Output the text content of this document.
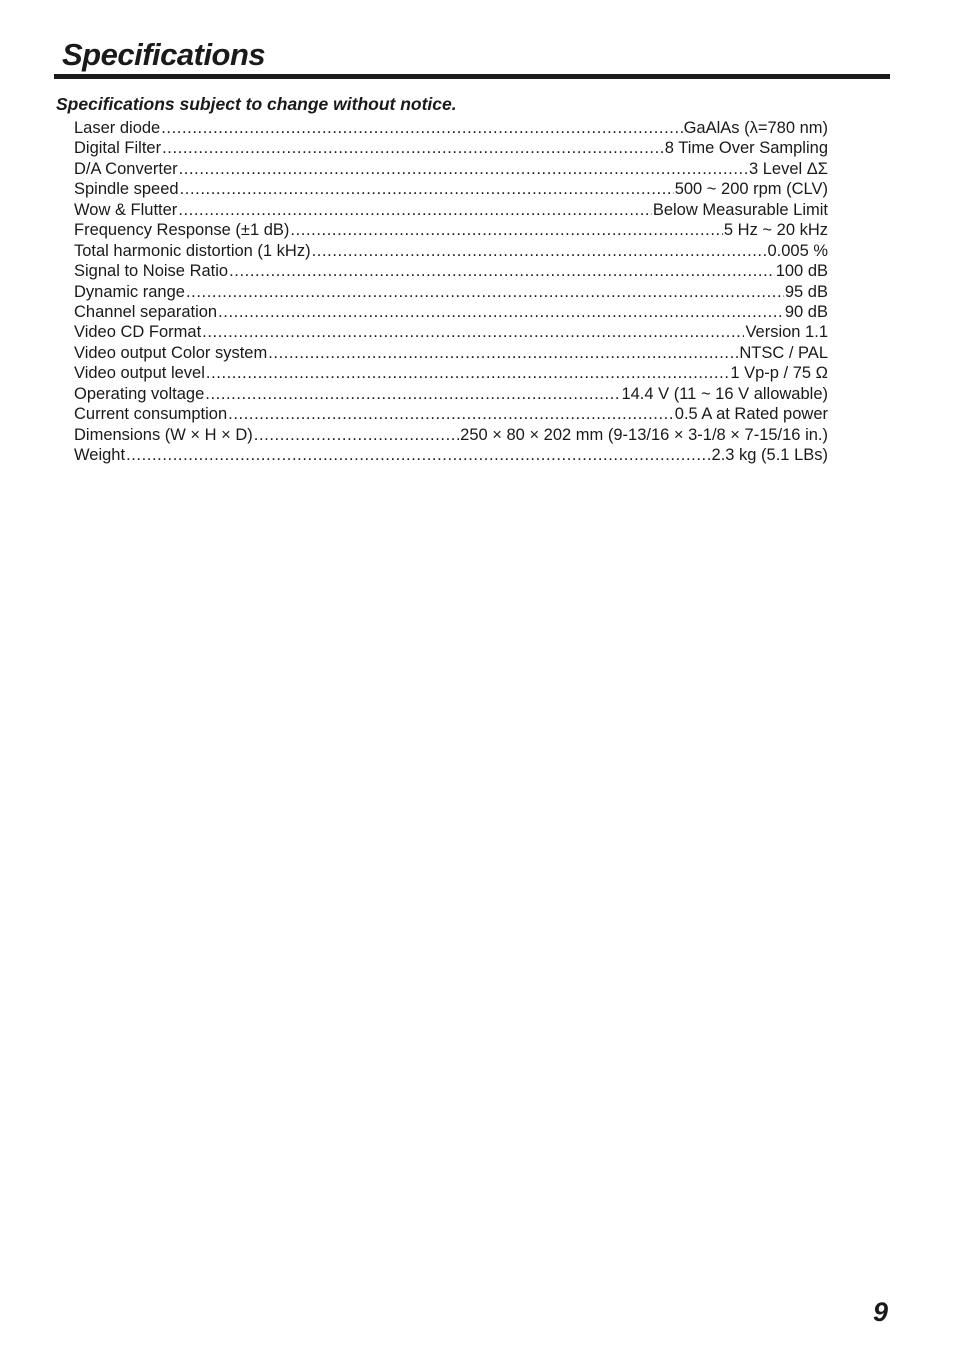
Specifications

Specifications subject to change without notice.

Laser diode .....	GaAlAs (λ=780 nm)
Digital Filter .....	8 Time Over Sampling
D/A Converter .....	3 Level ΔΣ
Spindle speed .....	500 ~ 200 rpm (CLV)
Wow & Flutter .....	Below Measurable Limit
Frequency Response (±1 dB) .....	5 Hz ~ 20 kHz
Total harmonic distortion (1 kHz) .....	0.005 %
Signal to Noise Ratio .....	100 dB
Dynamic range .....	95 dB
Channel separation .....	90 dB
Video CD Format .....	Version 1.1
Video output Color system .....	NTSC / PAL
Video output level .....	1 Vp-p / 75 Ω
Operating voltage .....	14.4 V (11 ~ 16 V allowable)
Current consumption .....	0.5 A at Rated power
Dimensions (W × H × D) .....	250 × 80 × 202 mm (9-13/16 × 3-1/8 × 7-15/16 in.)
Weight .....	2.3 kg (5.1 LBs)

9
